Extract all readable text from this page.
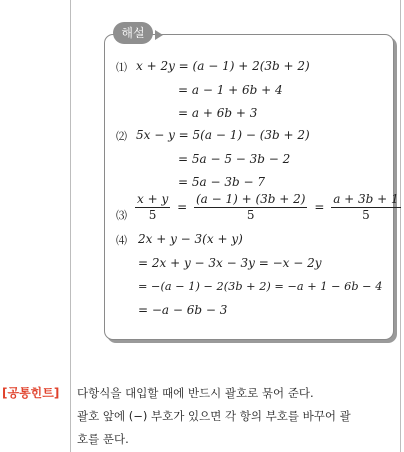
해설
⑴ x + 2y = (a − 1) + 2(3b + 2)
= a − 1 + 6b + 4
= a + 6b + 3
⑵ 5x − y = 5(a − 1) − (3b + 2)
= 5a − 5 − 3b − 2
= 5a − 3b − 7
⑶ $\frac{x + y}{5} = \frac{(a - 1) + (3b + 2)}{5} = \frac{a + 3b + 1}{5}$
⑷ 2x + y − 3(x + y)
= 2x + y − 3x − 3y = −x − 2y
= −(a − 1) − 2(3b + 2) = −a + 1 − 6b − 4
= −a − 6b − 3
[공통힌트] 다항식을 대입할 때에 반드시 괄호로 묶어 준다.
괄호 앞에 (−) 부호가 있으면 각 항의 부호를 바꾸어 괄
호를 푼다.
